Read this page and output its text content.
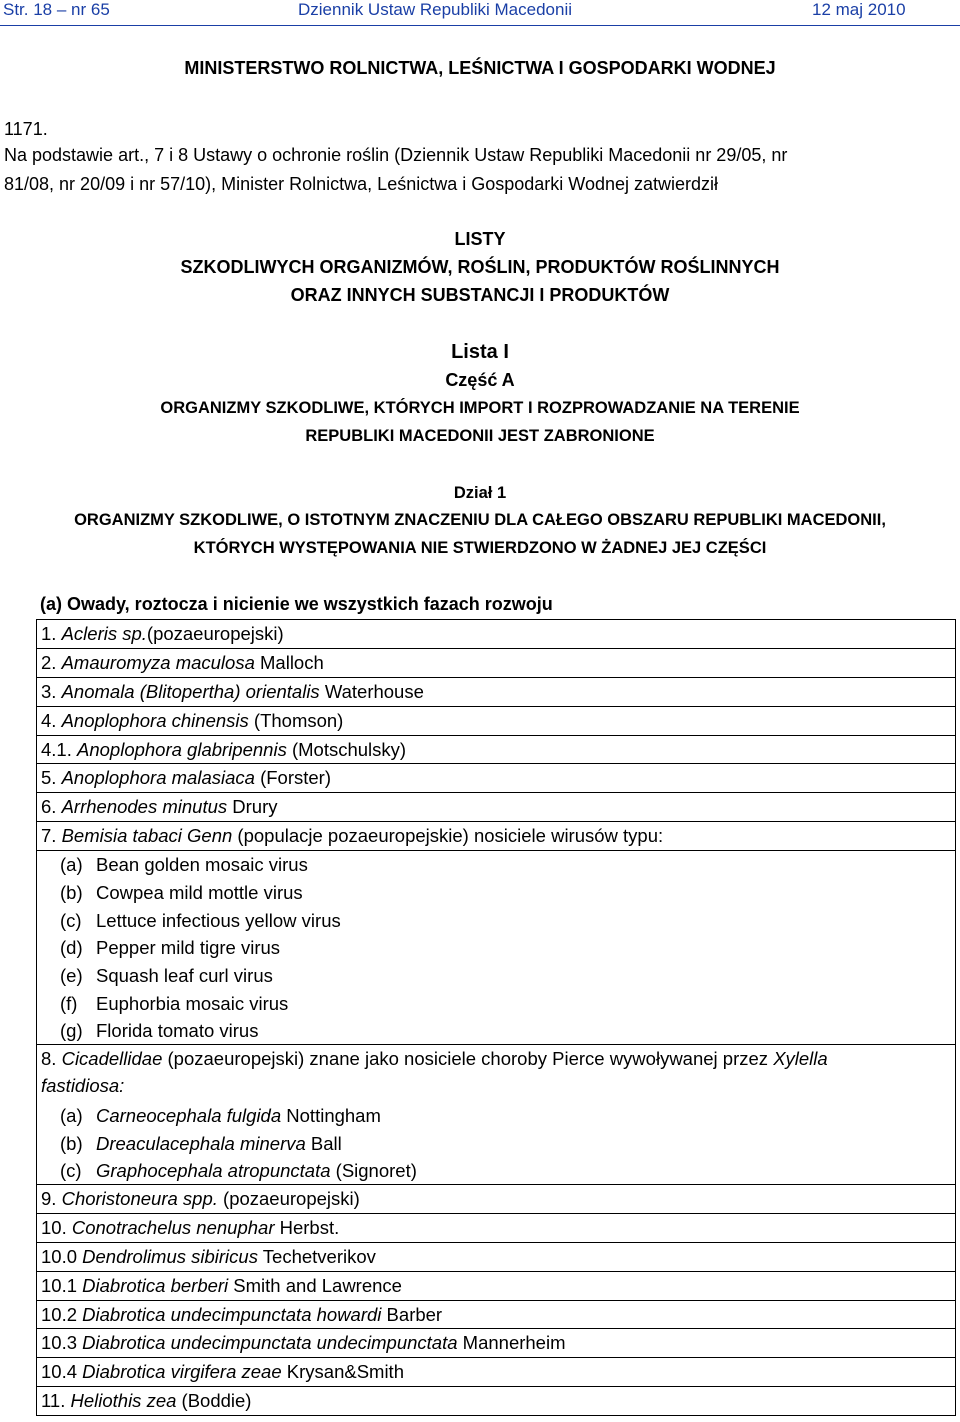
Str. 18 – nr 65	Dziennik Ustaw Republiki Macedonii	12 maj 2010
MINISTERSTWO ROLNICTWA, LEŚNICTWA I GOSPODARKI WODNEJ
1171.
Na podstawie art., 7 i 8 Ustawy o ochronie roślin (Dziennik Ustaw Republiki Macedonii nr 29/05, nr
81/08, nr 20/09 i nr 57/10), Minister Rolnictwa, Leśnictwa i Gospodarki Wodnej zatwierdził
LISTY
SZKODLIWYCH ORGANIZMÓW, ROŚLIN, PRODUKTÓW ROŚLINNYCH
ORAZ INNYCH SUBSTANCJI I PRODUKTÓW
Lista I
Część A
ORGANIZMY SZKODLIWE, KTÓRYCH IMPORT I ROZPROWADZANIE NA TERENIE
REPUBLIKI MACEDONII JEST ZABRONIONE
Dział 1
ORGANIZMY SZKODLIWE, O ISTOTNYM ZNACZENIU DLA CAŁEGO OBSZARU REPUBLIKI MACEDONII,
KTÓRYCH WYSTĘPOWANIA NIE STWIERDZONO W ŻADNEJ JEJ CZĘŚCI
(a) Owady, roztocza i nicienie we wszystkich fazach rozwoju
1. Acleris sp.(pozaeuropejski)
2. Amauromyza maculosa Malloch
3. Anomala (Blitopertha) orientalis Waterhouse
4. Anoplophora chinensis (Thomson)
4.1. Anoplophora glabripennis (Motschulsky)
5. Anoplophora malasiaca (Forster)
6. Arrhenodes minutus Drury
7. Bemisia tabaci Genn (populacje pozaeuropejskie) nosiciele wirusów typu:
(a) Bean golden mosaic virus
(b) Cowpea mild mottle virus
(c) Lettuce infectious yellow virus
(d) Pepper mild tigre virus
(e) Squash leaf curl virus
(f) Euphorbia mosaic virus
(g) Florida tomato virus
8. Cicadellidae (pozaeuropejski) znane jako nosiciele choroby Pierce wywoływanej przez Xylella
fastidiosa:
(a) Carneocephala fulgida Nottingham
(b) Dreaculacephala minerva Ball
(c) Graphocephala atropunctata (Signoret)
9. Choristoneura spp. (pozaeuropejski)
10. Conotrachelus nenuphar Herbst.
10.0 Dendrolimus sibiricus Techetverikov
10.1 Diabrotica berberi Smith and Lawrence
10.2 Diabrotica undecimpunctata howardi Barber
10.3 Diabrotica undecimpunctata undecimpunctata Mannerheim
10.4 Diabrotica virgifera zeae Krysan&Smith
11. Heliothis zea (Boddie)
